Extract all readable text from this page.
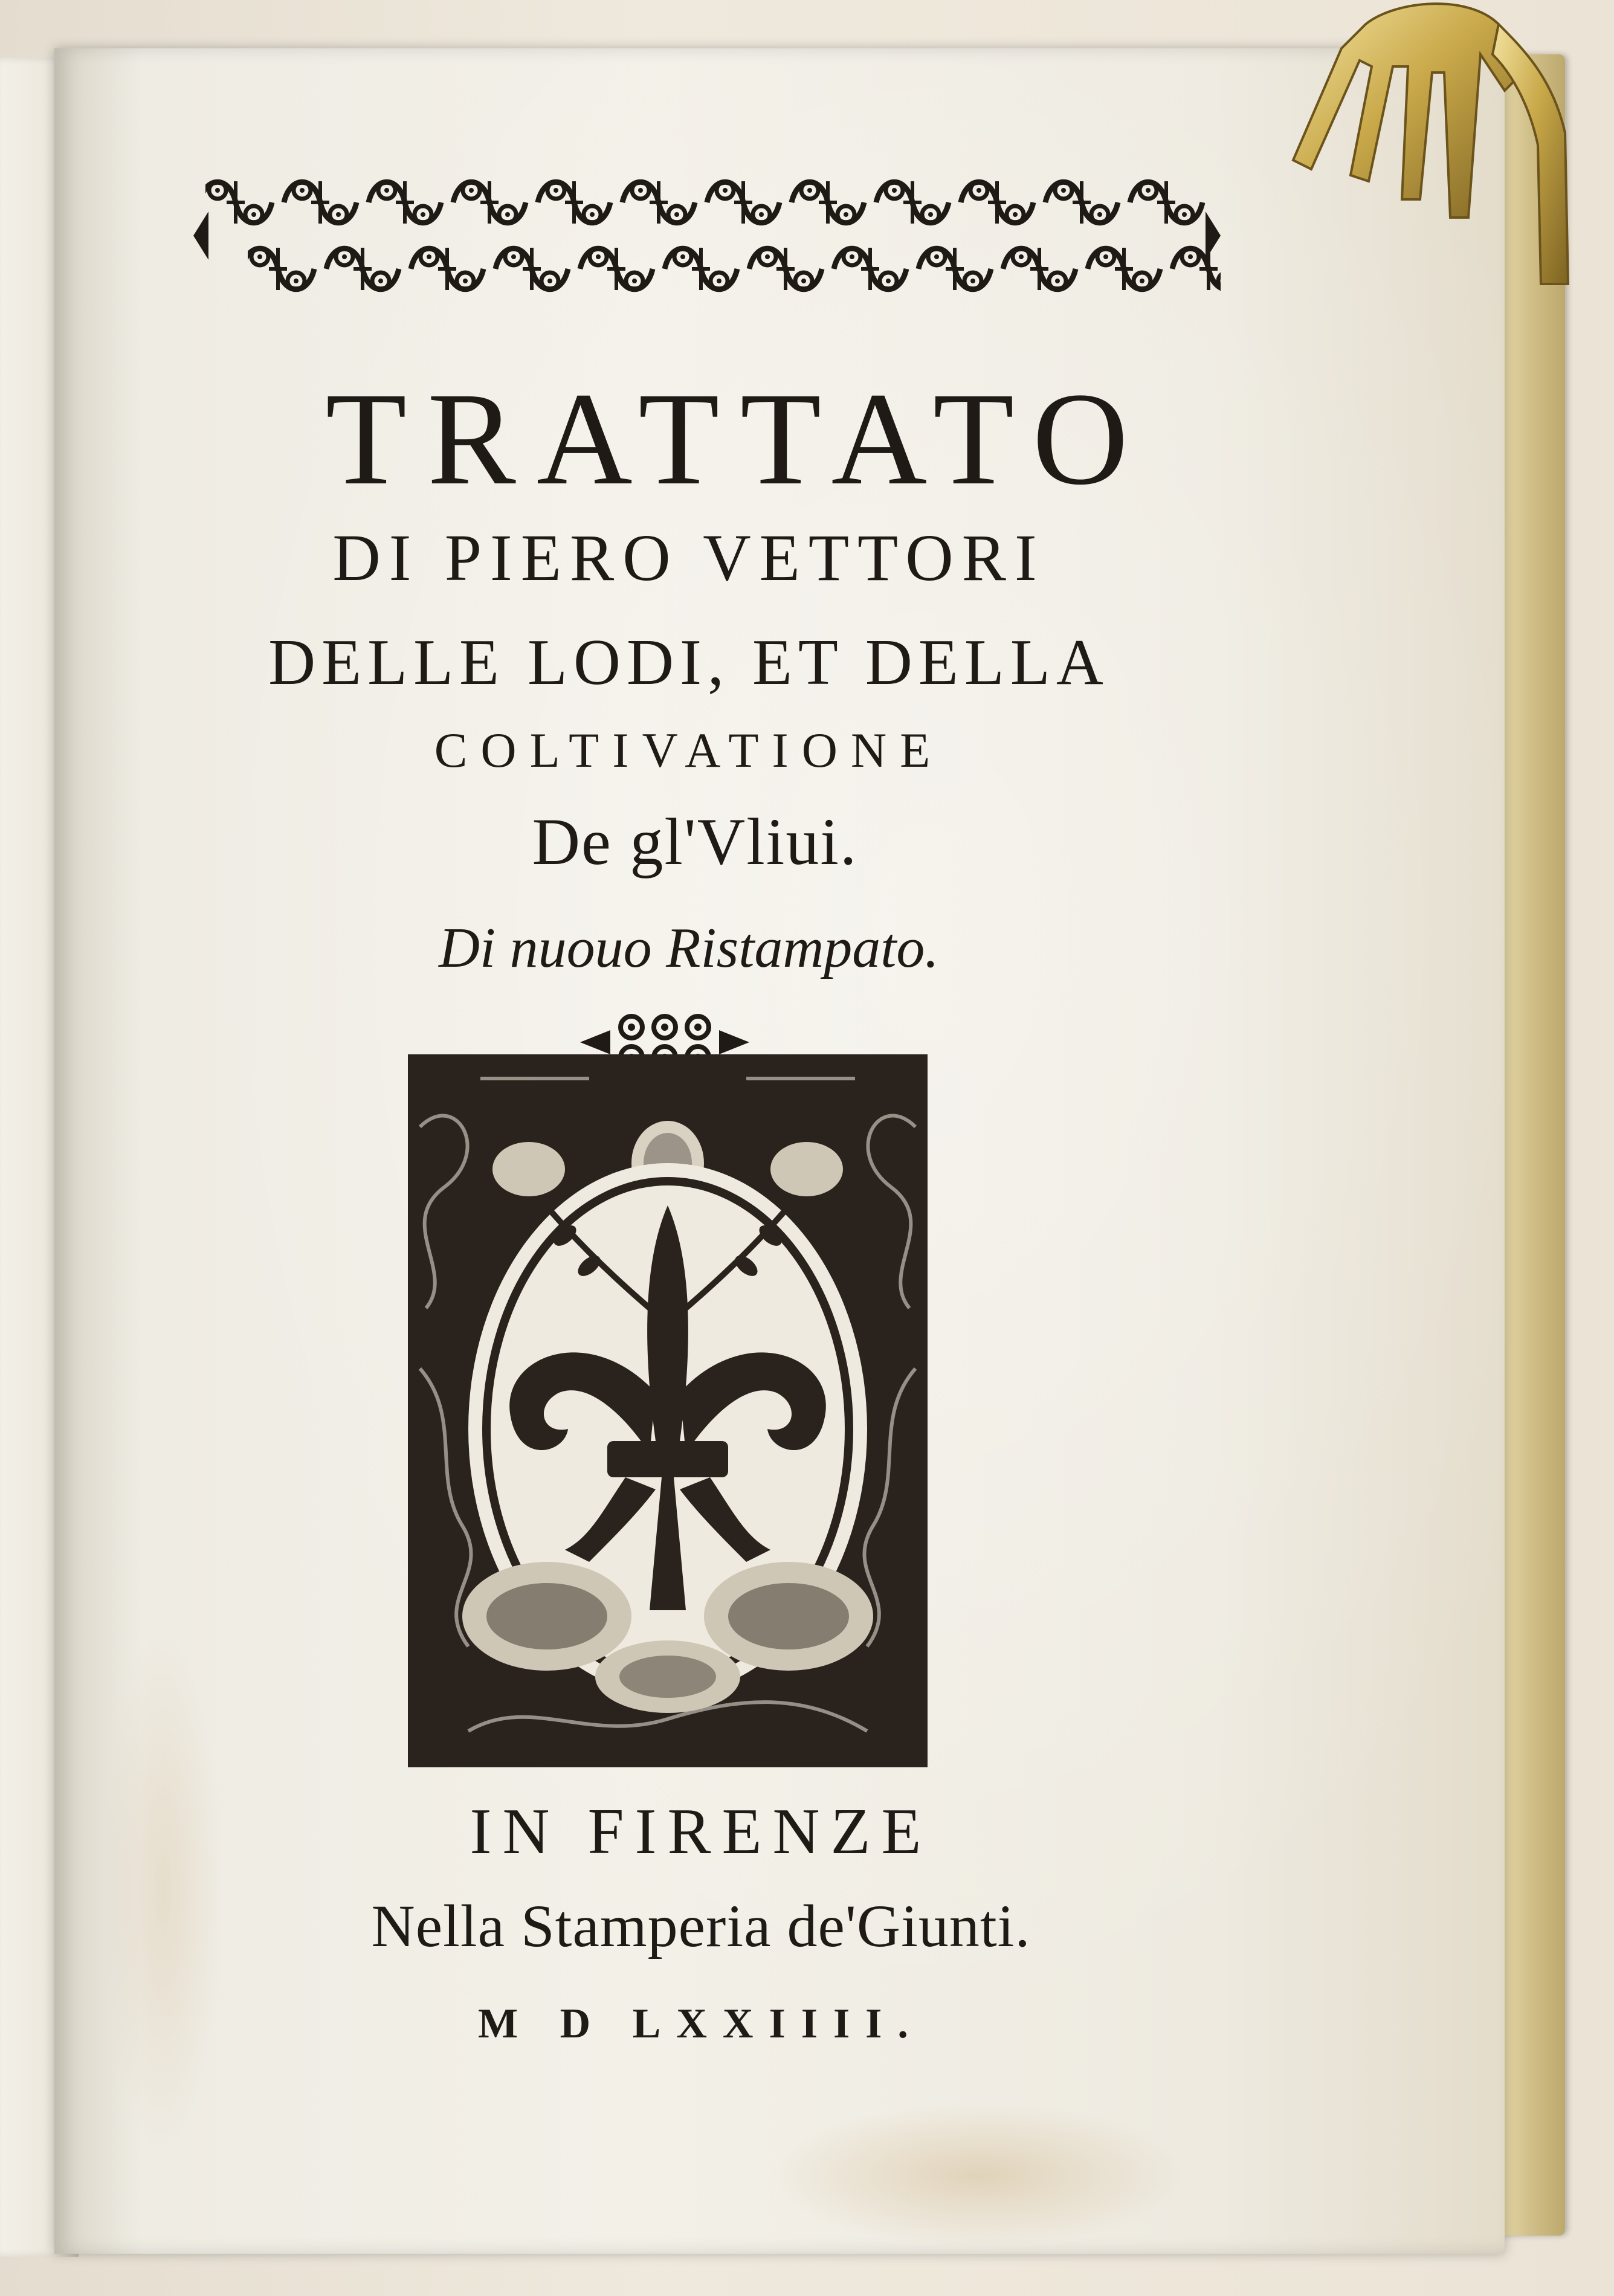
TRATTATO
DI PIERO VETTORI
DELLE LODI, ET DELLA
COLTIVATIONE
De gl'Vliui.
Di nuouo Ristampato.
IN FIRENZE
Nella Stamperia de'Giunti.
M D LXXIIII.
